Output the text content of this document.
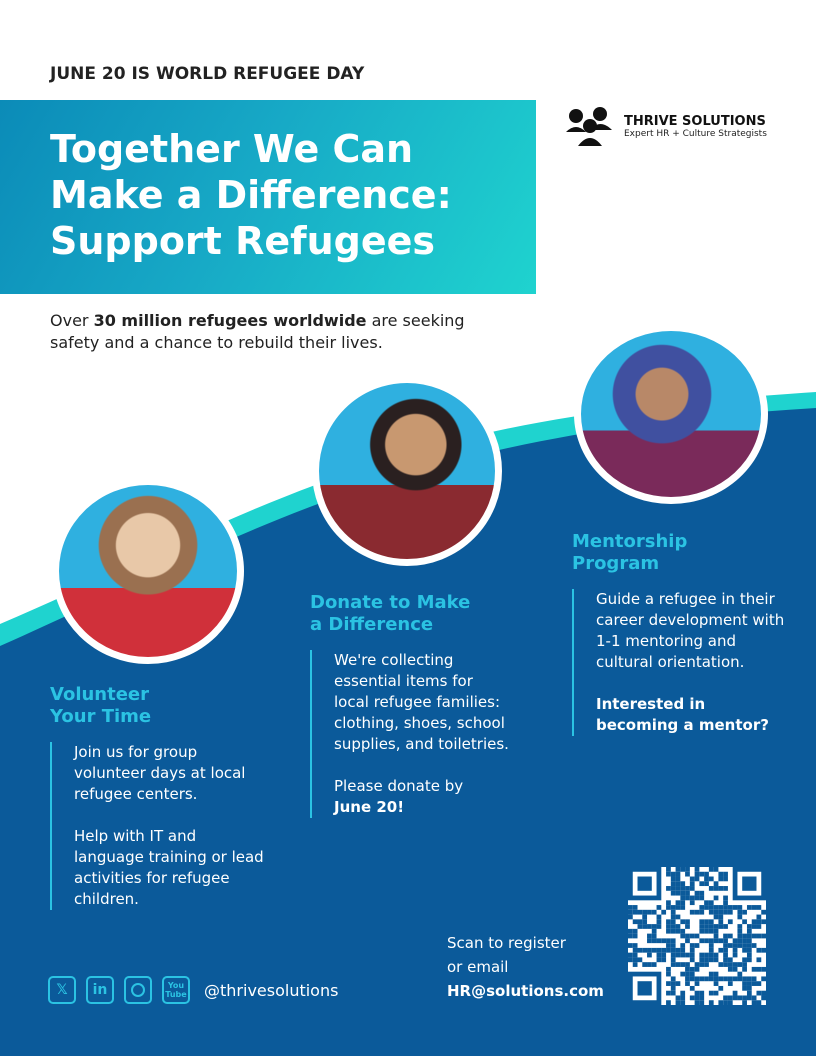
JUNE 20 IS WORLD REFUGEE DAY
Together We Can
Make a Difference:
Support Refugees
THRIVE SOLUTIONS
Expert HR + Culture Strategists
Over 30 million refugees worldwide are seeking safety and a chance to rebuild their lives.
Volunteer
Your Time

Join us for group volunteer days at local refugee centers.

Help with IT and language training or lead activities for refugee children.

Donate to Make
a Difference

We're collecting essential items for local refugee families: clothing, shoes, school supplies, and toiletries.

Please donate by
June 20!

Mentorship
Program

Guide a refugee in their career development with 1-1 mentoring and cultural orientation.

Interested in becoming a mentor?

𝕏	in	You
Tube @thrivesolutions
Scan to register
or email
HR@solutions.com
